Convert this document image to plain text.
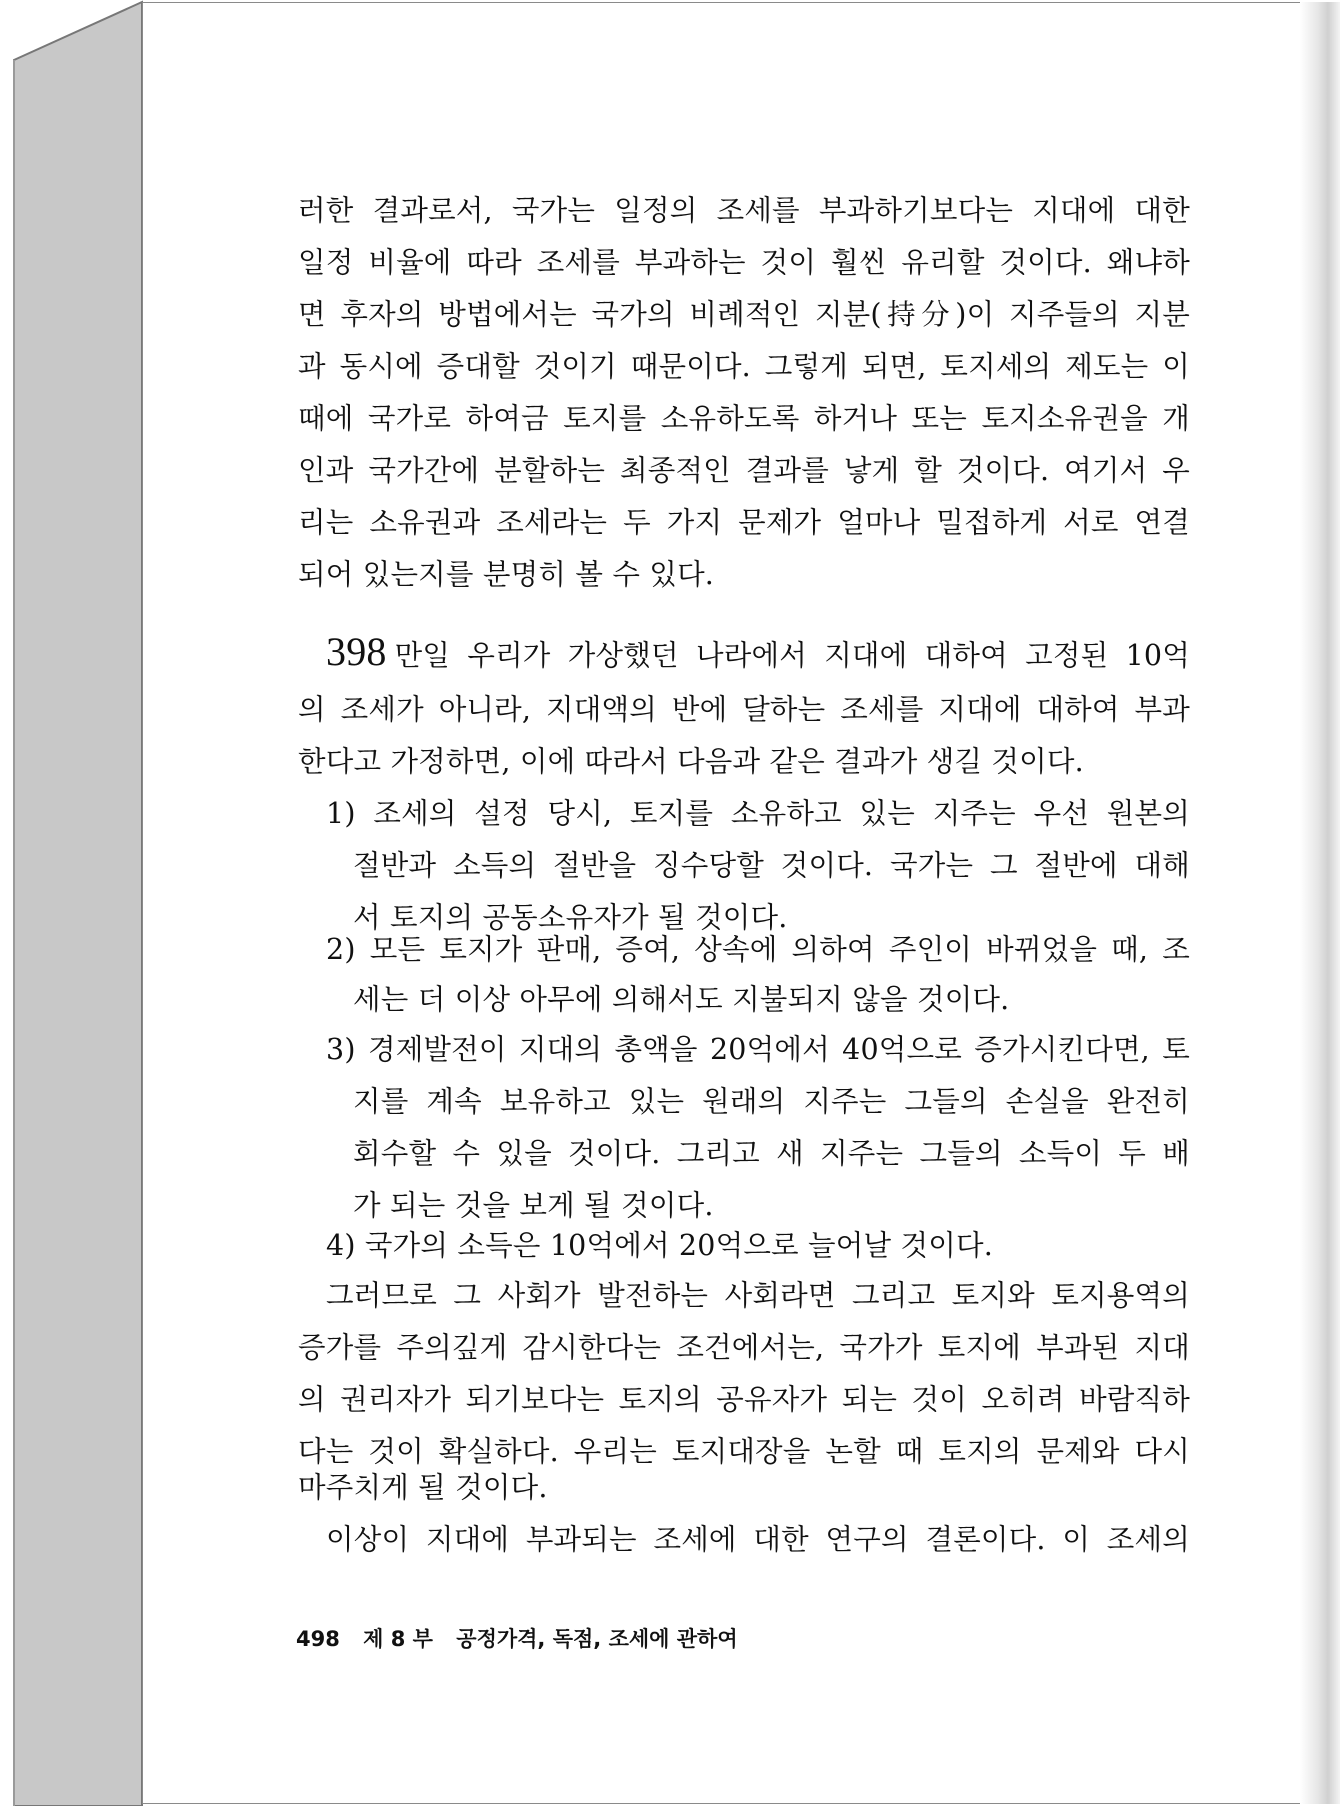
러한 결과로서, 국가는 일정의 조세를 부과하기보다는 지대에 대한
일정 비율에 따라 조세를 부과하는 것이 훨씬 유리할 것이다. 왜냐하
면 후자의 방법에서는 국가의 비례적인 지분(持分)이 지주들의 지분
과 동시에 증대할 것이기 때문이다. 그렇게 되면, 토지세의 제도는 이
때에 국가로 하여금 토지를 소유하도록 하거나 또는 토지소유권을 개
인과 국가간에 분할하는 최종적인 결과를 낳게 할 것이다. 여기서 우
리는 소유권과 조세라는 두 가지 문제가 얼마나 밀접하게 서로 연결
되어 있는지를 분명히 볼 수 있다.
398 만일 우리가 가상했던 나라에서 지대에 대하여 고정된 10억
의 조세가 아니라, 지대액의 반에 달하는 조세를 지대에 대하여 부과
한다고 가정하면, 이에 따라서 다음과 같은 결과가 생길 것이다.
1) 조세의 설정 당시, 토지를 소유하고 있는 지주는 우선 원본의
절반과 소득의 절반을 징수당할 것이다. 국가는 그 절반에 대해
서 토지의 공동소유자가 될 것이다.
2) 모든 토지가 판매, 증여, 상속에 의하여 주인이 바뀌었을 때, 조
세는 더 이상 아무에 의해서도 지불되지 않을 것이다.
3) 경제발전이 지대의 총액을 20억에서 40억으로 증가시킨다면, 토
지를 계속 보유하고 있는 원래의 지주는 그들의 손실을 완전히
회수할 수 있을 것이다. 그리고 새 지주는 그들의 소득이 두 배
가 되는 것을 보게 될 것이다.
4) 국가의 소득은 10억에서 20억으로 늘어날 것이다.
그러므로 그 사회가 발전하는 사회라면 그리고 토지와 토지용역의
증가를 주의깊게 감시한다는 조건에서는, 국가가 토지에 부과된 지대
의 권리자가 되기보다는 토지의 공유자가 되는 것이 오히려 바람직하
다는 것이 확실하다. 우리는 토지대장을 논할 때 토지의 문제와 다시
마주치게 될 것이다.
이상이 지대에 부과되는 조세에 대한 연구의 결론이다. 이 조세의
498 제 8 부 공정가격, 독점, 조세에 관하여
